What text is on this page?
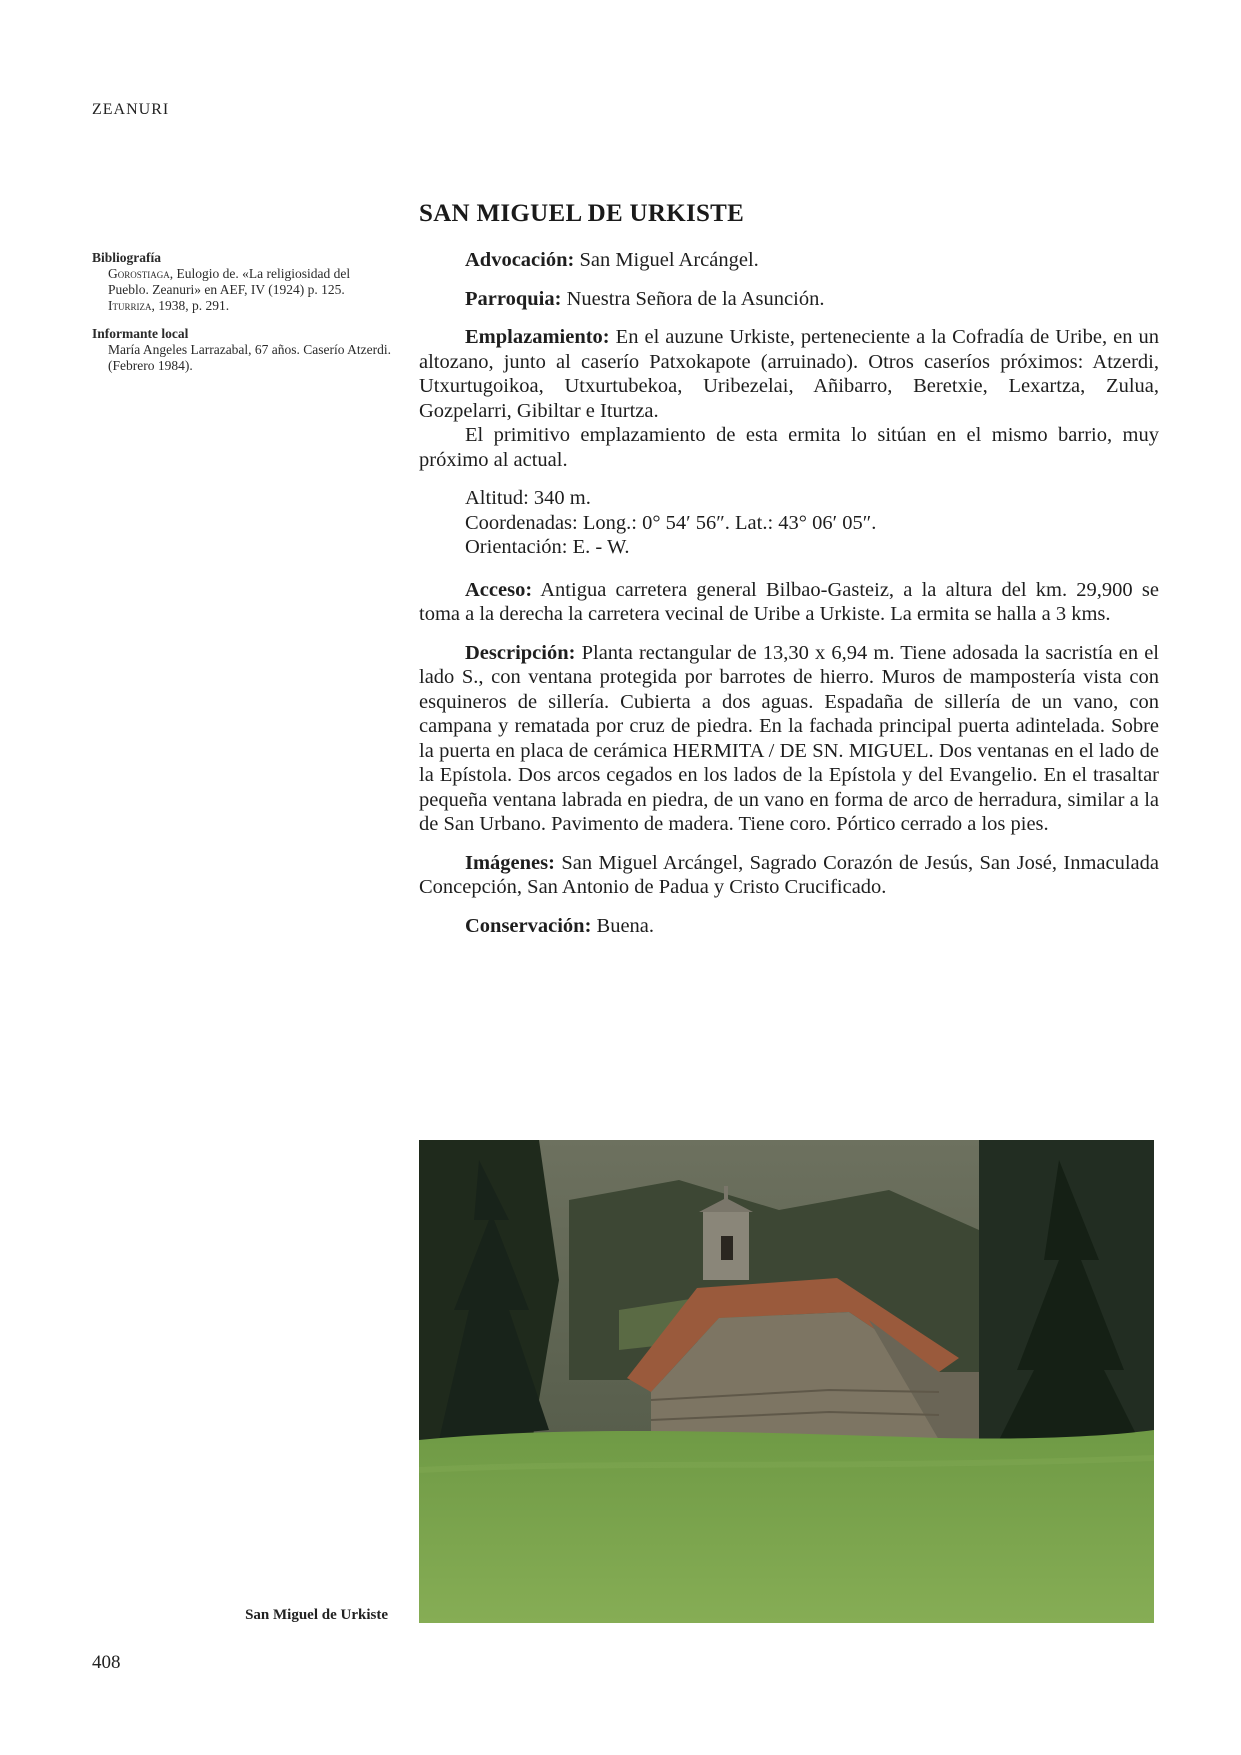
ZEANURI

Bibliografía

Gorostiaga, Eulogio de. «La religiosidad del Pueblo. Zeanuri» en AEF, IV (1924) p. 125.

Iturriza, 1938, p. 291.

Informante local

María Angeles Larrazabal, 67 años. Caserío Atzerdi. (Febrero 1984).

SAN MIGUEL DE URKISTE

Advocación: San Miguel Arcángel.

Parroquia: Nuestra Señora de la Asunción.

Emplazamiento: En el auzune Urkiste, perteneciente a la Cofradía de Uribe, en un altozano, junto al caserío Patxokapote (arruinado). Otros caseríos próximos: Atzerdi, Utxurtugoikoa, Utxurtubekoa, Uribezelai, Añibarro, Beretxie, Lexartza, Zulua, Gozpelarri, Gibiltar e Iturtza.

El primitivo emplazamiento de esta ermita lo sitúan en el mismo barrio, muy próximo al actual.

Altitud: 340 m.
Coordenadas: Long.: 0° 54′ 56″. Lat.: 43° 06′ 05″.
Orientación: E. - W.

Acceso: Antigua carretera general Bilbao-Gasteiz, a la altura del km. 29,900 se toma a la derecha la carretera vecinal de Uribe a Urkiste. La ermita se halla a 3 kms.

Descripción: Planta rectangular de 13,30 x 6,94 m. Tiene adosada la sacristía en el lado S., con ventana protegida por barrotes de hierro. Muros de mampostería vista con esquineros de sillería. Cubierta a dos aguas. Espadaña de sillería de un vano, con campana y rematada por cruz de piedra. En la fachada principal puerta adintelada. Sobre la puerta en placa de cerámica HERMITA / DE SN. MIGUEL. Dos ventanas en el lado de la Epístola. Dos arcos cegados en los lados de la Epístola y del Evangelio. En el trasaltar pequeña ventana labrada en piedra, de un vano en forma de arco de herradura, similar a la de San Urbano. Pavimento de madera. Tiene coro. Pórtico cerrado a los pies.

Imágenes: San Miguel Arcángel, Sagrado Corazón de Jesús, San José, Inmaculada Concepción, San Antonio de Padua y Cristo Crucificado.

Conservación: Buena.

San Miguel de Urkiste
408
